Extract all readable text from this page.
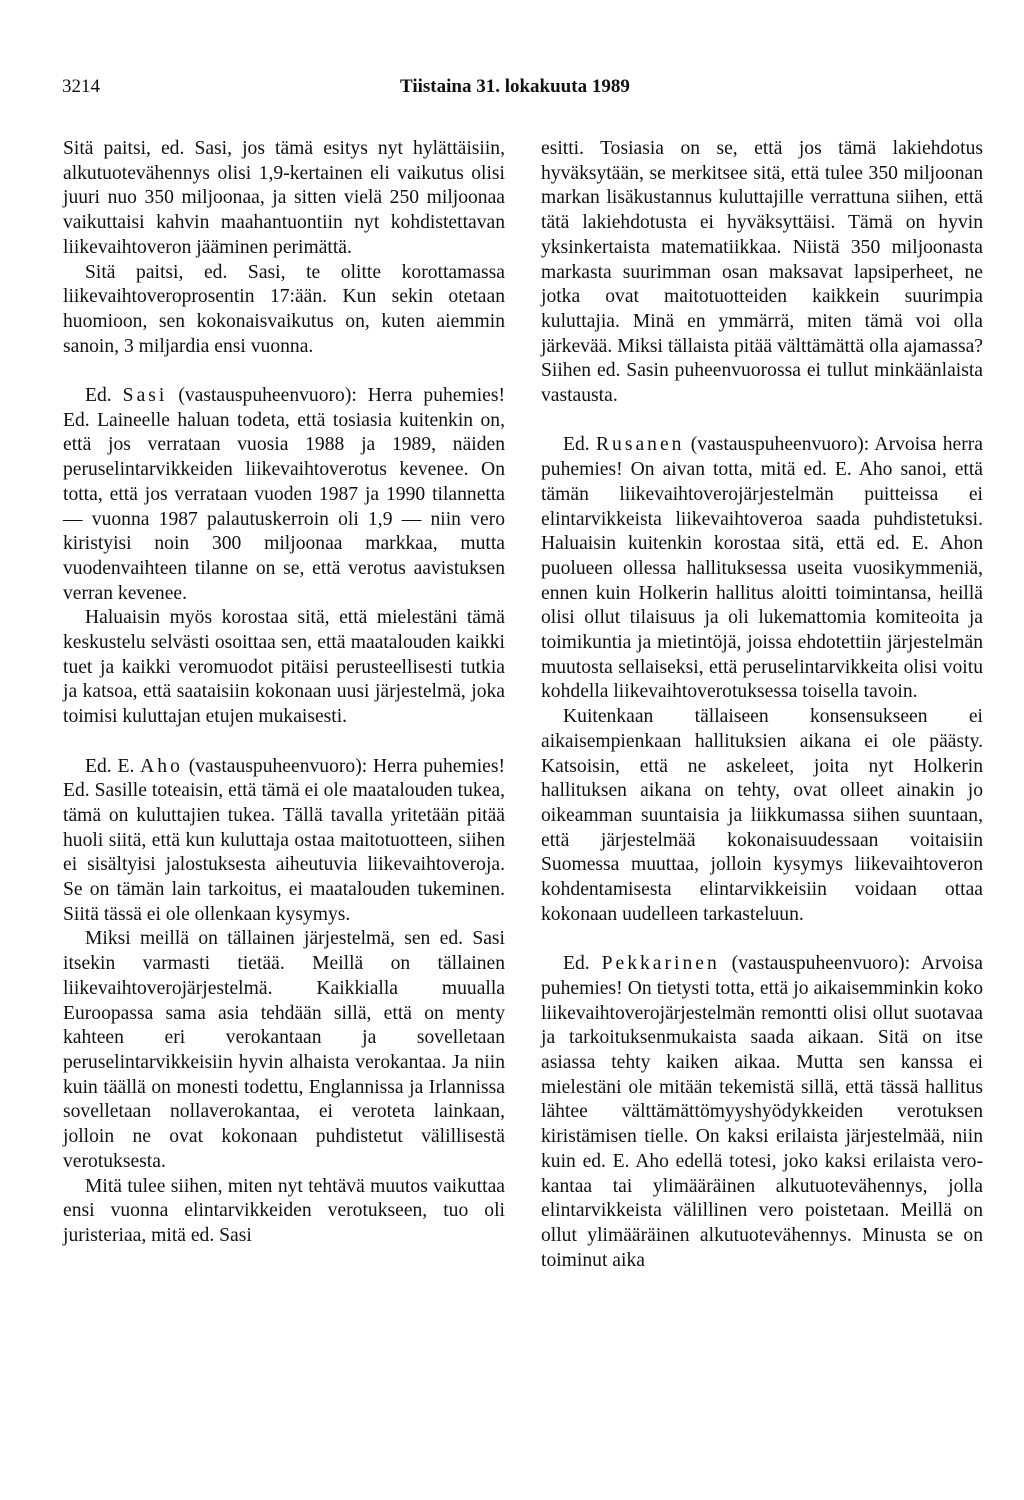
3214	Tiistaina 31. lokakuuta 1989

Sitä paitsi, ed. Sasi, jos tämä esitys nyt hylättäisiin, alkutuotevähennys olisi 1,9-kertainen eli vaikutus olisi juuri nuo 350 miljoonaa, ja sitten vielä 250 miljoonaa vaikuttaisi kahvin maahantuontiin nyt kohdistettavan liikevaihtoveron jääminen perimättä.

Sitä paitsi, ed. Sasi, te olitte korottamassa liikevaihtoveroprosentin 17:ään. Kun sekin otetaan huomioon, sen kokonaisvaikutus on, kuten aiemmin sanoin, 3 miljardia ensi vuonna.

Ed. Sasi (vastauspuheenvuoro): Herra puhemies! Ed. Laineelle haluan todeta, että tosiasia kuitenkin on, että jos verrataan vuosia 1988 ja 1989, näiden peruselintarvikkeiden liikevaihtoverotus kevenee. On totta, että jos verrataan vuoden 1987 ja 1990 tilannetta — vuonna 1987 palautuskerroin oli 1,9 — niin vero kiristyisi noin 300 miljoonaa markkaa, mutta vuodenvaihteen tilanne on se, että verotus aavistuksen verran kevenee.

Haluaisin myös korostaa sitä, että mielestäni tämä keskustelu selvästi osoittaa sen, että maatalouden kaikki tuet ja kaikki veromuodot pitäisi perusteellisesti tutkia ja katsoa, että saataisiin kokonaan uusi järjestelmä, joka toimisi kuluttajan etujen mukaisesti.

Ed. E. Aho (vastauspuheenvuoro): Herra puhemies! Ed. Sasille toteaisin, että tämä ei ole maatalouden tukea, tämä on kuluttajien tukea. Tällä tavalla yritetään pitää huoli siitä, että kun kuluttaja ostaa maitotuotteen, siihen ei sisältyisi jalostuksesta aiheutuvia liikevaihtoveroja. Se on tämän lain tarkoitus, ei maatalouden tukeminen. Siitä tässä ei ole ollenkaan kysymys.

Miksi meillä on tällainen järjestelmä, sen ed. Sasi itsekin varmasti tietää. Meillä on tällainen liikevaihtoverojärjestelmä. Kaikkialla muualla Euroopassa sama asia tehdään sillä, että on menty kahteen eri verokantaan ja sovelletaan peruselintarvikkeisiin hyvin alhaista verokantaa. Ja niin kuin täällä on monesti todettu, Englannissa ja Irlannissa sovelletaan nollaverokantaa, ei veroteta lainkaan, jolloin ne ovat kokonaan puhdistetut välillisestä verotuksesta.

Mitä tulee siihen, miten nyt tehtävä muutos vaikuttaa ensi vuonna elintarvikkeiden verotukseen, tuo oli juristeriaa, mitä ed. Sasi

esitti. Tosiasia on se, että jos tämä lakiehdotus hyväksytään, se merkitsee sitä, että tulee 350 miljoonan markan lisäkustannus kuluttajille verrattuna siihen, että tätä lakiehdotusta ei hyväksyttäisi. Tämä on hyvin yksinkertaista matematiikkaa. Niistä 350 miljoonasta markasta suurimman osan maksavat lapsiperheet, ne jotka ovat maitotuotteiden kaikkein suurimpia kuluttajia. Minä en ymmärrä, miten tämä voi olla järkevää. Miksi tällaista pitää välttämättä olla ajamassa? Siihen ed. Sasin puheenvuorossa ei tullut minkäänlaista vastausta.

Ed. Rusanen (vastauspuheenvuoro): Arvoisa herra puhemies! On aivan totta, mitä ed. E. Aho sanoi, että tämän liikevaihtoverojärjestelmän puitteissa ei elintarvikkeista liikevaihtoveroa saada puhdistetuksi. Haluaisin kuitenkin korostaa sitä, että ed. E. Ahon puolueen ollessa hallituksessa useita vuosikymmeniä, ennen kuin Holkerin hallitus aloitti toimintansa, heillä olisi ollut tilaisuus ja oli lukemattomia komiteoita ja toimikuntia ja mietintöjä, joissa ehdotettiin järjestelmän muutosta sellaiseksi, että peruselintarvikkeita olisi voitu kohdella liikevaihtoverotuksessa toisella tavoin.

Kuitenkaan tällaiseen konsensukseen ei aikaisempienkaan hallituksien aikana ei ole päästy. Katsoisin, että ne askeleet, joita nyt Holkerin hallituksen aikana on tehty, ovat olleet ainakin jo oikeamman suuntaisia ja liikkumassa siihen suuntaan, että järjestelmää kokonaisuudessaan voitaisiin Suomessa muuttaa, jolloin kysymys liikevaihtoveron kohdentamisesta elintarvikkeisiin voidaan ottaa kokonaan uudelleen tarkasteluun.

Ed. Pekkarinen (vastauspuheenvuoro): Arvoisa puhemies! On tietysti totta, että jo aikaisemminkin koko liikevaihtoverojärjestelmän remontti olisi ollut suotavaa ja tarkoituksenmukaista saada aikaan. Sitä on itse asiassa tehty kaiken aikaa. Mutta sen kanssa ei mielestäni ole mitään tekemistä sillä, että tässä hallitus lähtee välttämättömyyshyödykkeiden verotuksen kiristämisen tielle. On kaksi erilaista järjestelmää, niin kuin ed. E. Aho edellä totesi, joko kaksi erilaista verokantaa tai ylimääräinen alkutuotevähennys, jolla elintarvikkeista välillinen vero poistetaan. Meillä on ollut ylimääräinen alkutuotevähennys. Minusta se on toiminut aika
